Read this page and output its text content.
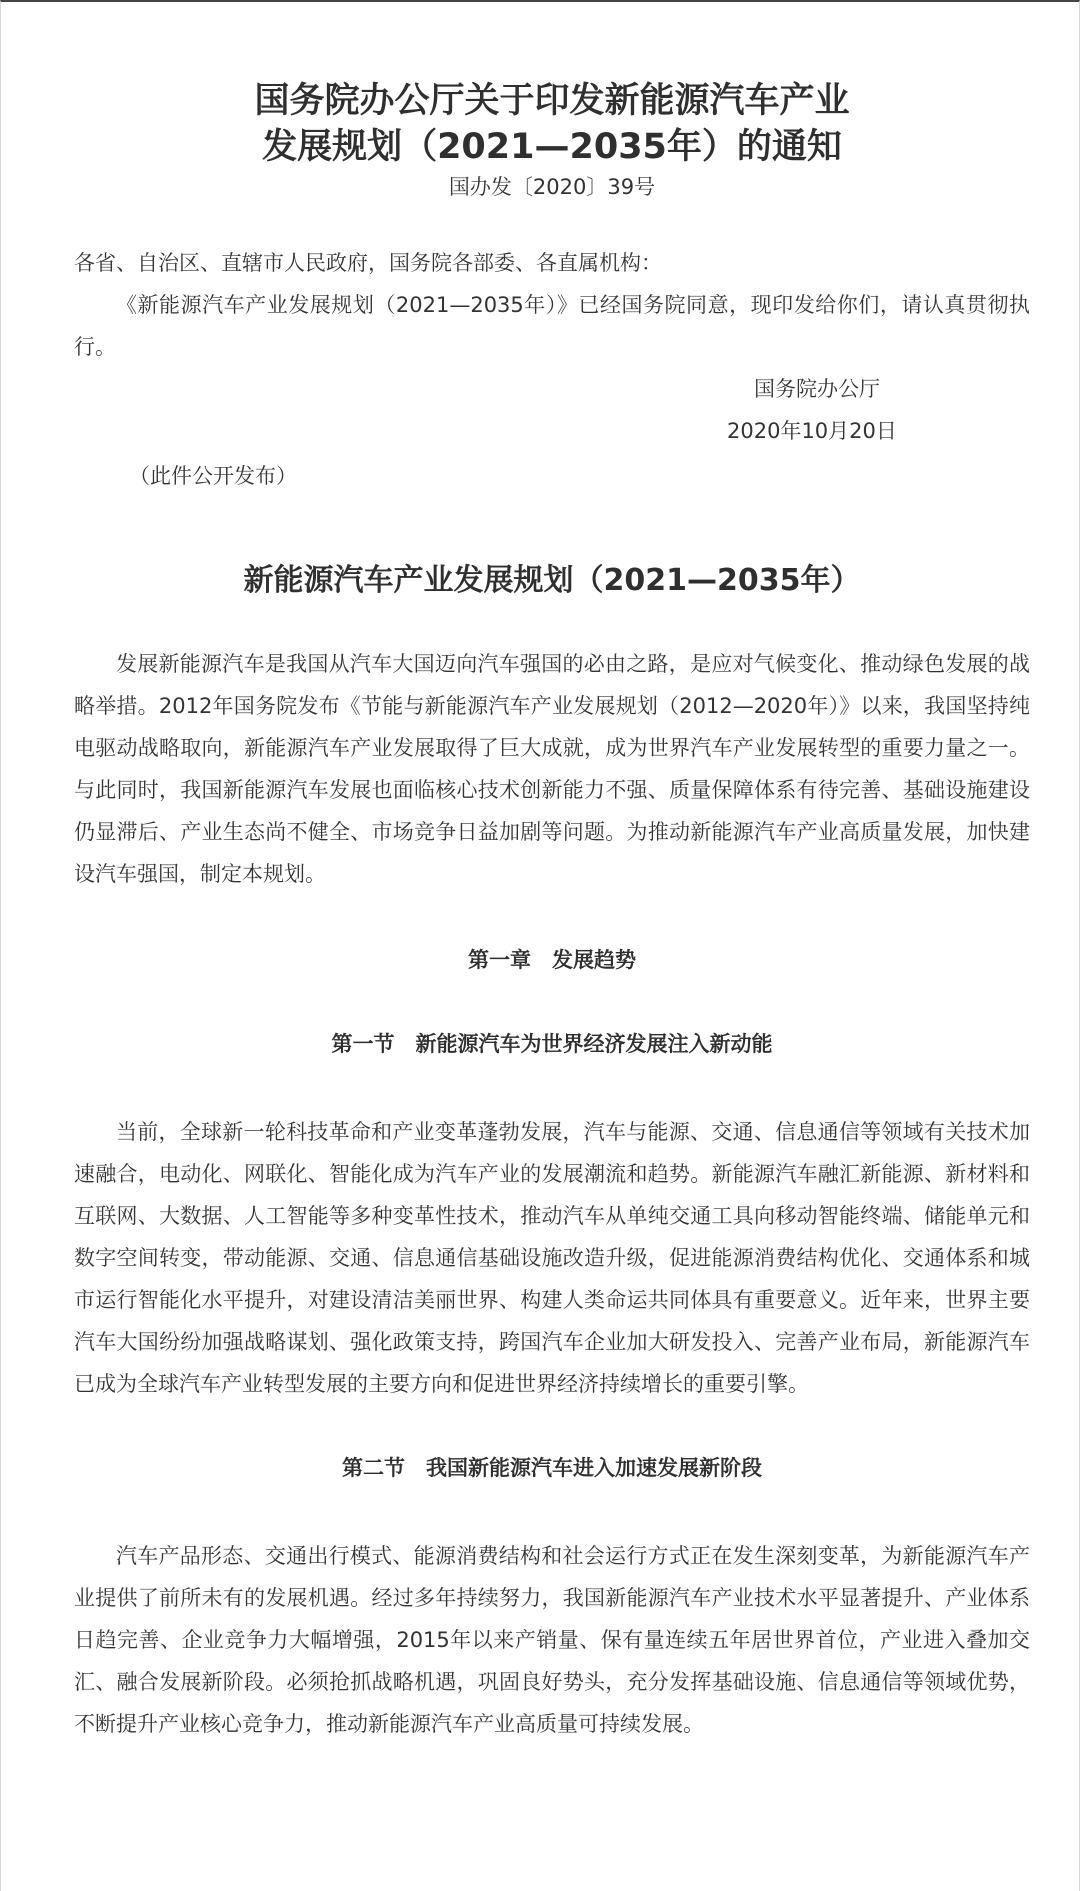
国务院办公厅关于印发新能源汽车产业
发展规划（2021—2035年）的通知
国办发〔2020〕39号

各省、自治区、直辖市人民政府，国务院各部委、各直属机构：

《新能源汽车产业发展规划（2021—2035年）》已经国务院同意，现印发给你们，请认真贯彻执行。

国务院办公厅
2020年10月20日
（此件公开发布）
新能源汽车产业发展规划（2021—2035年）

发展新能源汽车是我国从汽车大国迈向汽车强国的必由之路，是应对气候变化、推动绿色发展的战略举措。2012年国务院发布《节能与新能源汽车产业发展规划（2012—2020年）》以来，我国坚持纯电驱动战略取向，新能源汽车产业发展取得了巨大成就，成为世界汽车产业发展转型的重要力量之一。与此同时，我国新能源汽车发展也面临核心技术创新能力不强、质量保障体系有待完善、基础设施建设仍显滞后、产业生态尚不健全、市场竞争日益加剧等问题。为推动新能源汽车产业高质量发展，加快建设汽车强国，制定本规划。

第一章　发展趋势
第一节　新能源汽车为世界经济发展注入新动能

当前，全球新一轮科技革命和产业变革蓬勃发展，汽车与能源、交通、信息通信等领域有关技术加速融合，电动化、网联化、智能化成为汽车产业的发展潮流和趋势。新能源汽车融汇新能源、新材料和互联网、大数据、人工智能等多种变革性技术，推动汽车从单纯交通工具向移动智能终端、储能单元和数字空间转变，带动能源、交通、信息通信基础设施改造升级，促进能源消费结构优化、交通体系和城市运行智能化水平提升，对建设清洁美丽世界、构建人类命运共同体具有重要意义。近年来，世界主要汽车大国纷纷加强战略谋划、强化政策支持，跨国汽车企业加大研发投入、完善产业布局，新能源汽车已成为全球汽车产业转型发展的主要方向和促进世界经济持续增长的重要引擎。

第二节　我国新能源汽车进入加速发展新阶段

汽车产品形态、交通出行模式、能源消费结构和社会运行方式正在发生深刻变革，为新能源汽车产业提供了前所未有的发展机遇。经过多年持续努力，我国新能源汽车产业技术水平显著提升、产业体系日趋完善、企业竞争力大幅增强，2015年以来产销量、保有量连续五年居世界首位，产业进入叠加交汇、融合发展新阶段。必须抢抓战略机遇，巩固良好势头，充分发挥基础设施、信息通信等领域优势，不断提升产业核心竞争力，推动新能源汽车产业高质量可持续发展。
